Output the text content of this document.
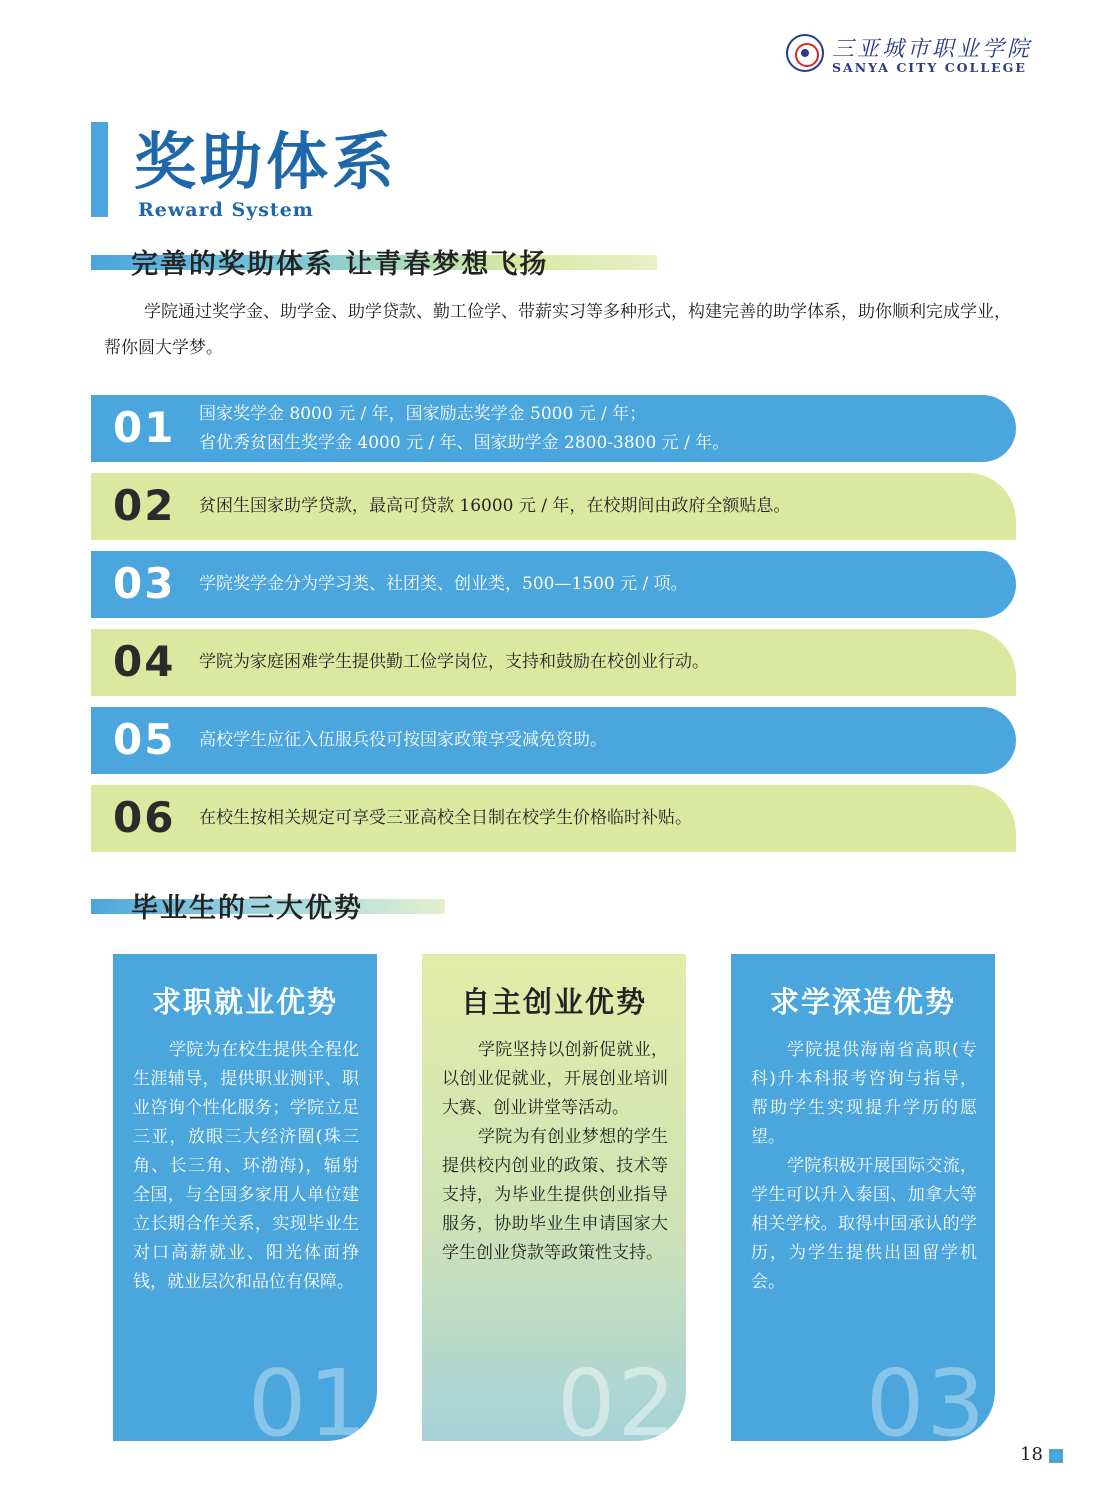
三亚城市职业学院
SANYA CITY COLLEGE
奖助体系
Reward System
完善的奖助体系 让青春梦想飞扬
学院通过奖学金、助学金、助学贷款、勤工俭学、带薪实习等多种形式，构建完善的助学体系，助你顺利完成学业，帮你圆大学梦。
01 国家奖学金 8000 元 / 年，国家励志奖学金 5000 元 / 年；
省优秀贫困生奖学金 4000 元 / 年、国家助学金 2800-3800 元 / 年。
02 贫困生国家助学贷款，最高可贷款 16000 元 / 年，在校期间由政府全额贴息。
03 学院奖学金分为学习类、社团类、创业类，500—1500 元 / 项。
04 学院为家庭困难学生提供勤工俭学岗位，支持和鼓励在校创业行动。
05 高校学生应征入伍服兵役可按国家政策享受减免资助。
06 在校生按相关规定可享受三亚高校全日制在校学生价格临时补贴。
毕业生的三大优势
求职就业优势

学院为在校生提供全程化生涯辅导，提供职业测评、职业咨询个性化服务；学院立足三亚，放眼三大经济圈(珠三角、长三角、环渤海)，辐射全国，与全国多家用人单位建立长期合作关系，实现毕业生对口高薪就业、阳光体面挣钱，就业层次和品位有保障。

01
自主创业优势

学院坚持以创新促就业，以创业促就业，开展创业培训大赛、创业讲堂等活动。

学院为有创业梦想的学生提供校内创业的政策、技术等支持，为毕业生提供创业指导服务，协助毕业生申请国家大学生创业贷款等政策性支持。

02
求学深造优势

学院提供海南省高职(专科)升本科报考咨询与指导，帮助学生实现提升学历的愿望。

学院积极开展国际交流，学生可以升入泰国、加拿大等相关学校。取得中国承认的学历，为学生提供出国留学机会。

03 18
